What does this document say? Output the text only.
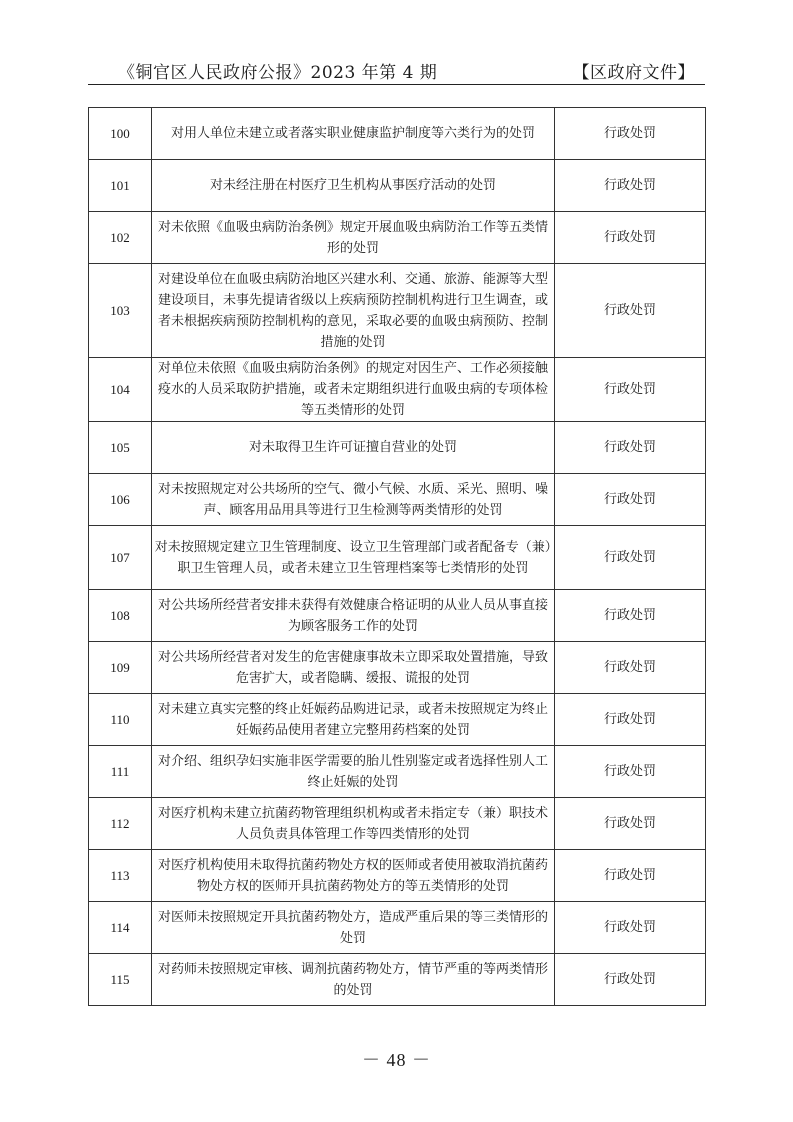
《铜官区人民政府公报》2023 年第 4 期	【区政府文件】
100	对用人单位未建立或者落实职业健康监护制度等六类行为的处罚	行政处罚
101	对未经注册在村医疗卫生机构从事医疗活动的处罚	行政处罚
102	对未依照《血吸虫病防治条例》规定开展血吸虫病防治工作等五类情形的处罚	行政处罚
103	对建设单位在血吸虫病防治地区兴建水利、交通、旅游、能源等大型建设项目，未事先提请省级以上疾病预防控制机构进行卫生调查，或者未根据疾病预防控制机构的意见，采取必要的血吸虫病预防、控制措施的处罚	行政处罚
104	对单位未依照《血吸虫病防治条例》的规定对因生产、工作必须接触疫水的人员采取防护措施，或者未定期组织进行血吸虫病的专项体检等五类情形的处罚	行政处罚
105	对未取得卫生许可证擅自营业的处罚	行政处罚
106	对未按照规定对公共场所的空气、微小气候、水质、采光、照明、噪声、顾客用品用具等进行卫生检测等两类情形的处罚	行政处罚
107	对未按照规定建立卫生管理制度、设立卫生管理部门或者配备专（兼）职卫生管理人员，或者未建立卫生管理档案等七类情形的处罚	行政处罚
108	对公共场所经营者安排未获得有效健康合格证明的从业人员从事直接为顾客服务工作的处罚	行政处罚
109	对公共场所经营者对发生的危害健康事故未立即采取处置措施，导致危害扩大，或者隐瞒、缓报、谎报的处罚	行政处罚
110	对未建立真实完整的终止妊娠药品购进记录，或者未按照规定为终止妊娠药品使用者建立完整用药档案的处罚	行政处罚
111	对介绍、组织孕妇实施非医学需要的胎儿性别鉴定或者选择性别人工终止妊娠的处罚	行政处罚
112	对医疗机构未建立抗菌药物管理组织机构或者未指定专（兼）职技术人员负责具体管理工作等四类情形的处罚	行政处罚
113	对医疗机构使用未取得抗菌药物处方权的医师或者使用被取消抗菌药物处方权的医师开具抗菌药物处方的等五类情形的处罚	行政处罚
114	对医师未按照规定开具抗菌药物处方，造成严重后果的等三类情形的处罚	行政处罚
115	对药师未按照规定审核、调剂抗菌药物处方，情节严重的等两类情形的处罚	行政处罚
－ 48 －
